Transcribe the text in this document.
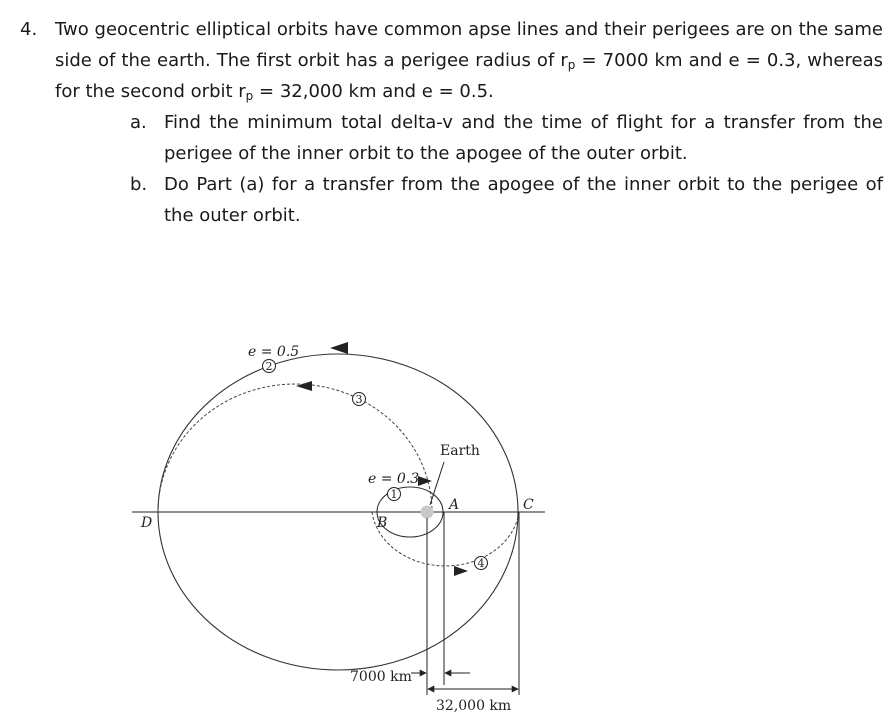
4. Two geocentric elliptical orbits have common apse lines and their perigees are on the same side of the earth. The first orbit has a perigee radius of $r_p = 7000$ km and e = 0.3, whereas for the second orbit $r_p = 32,000$ km and e = 0.5.
a. Find the minimum total delta-v and the time of flight for a transfer from the perigee of the inner orbit to the apogee of the outer orbit.
b. Do Part (a) for a transfer from the apogee of the inner orbit to the perigee of the outer orbit.
2
3
1
4
e = 0.5
e = 0.3
Earth
A
B
C
D
7000 km
32,000 km
